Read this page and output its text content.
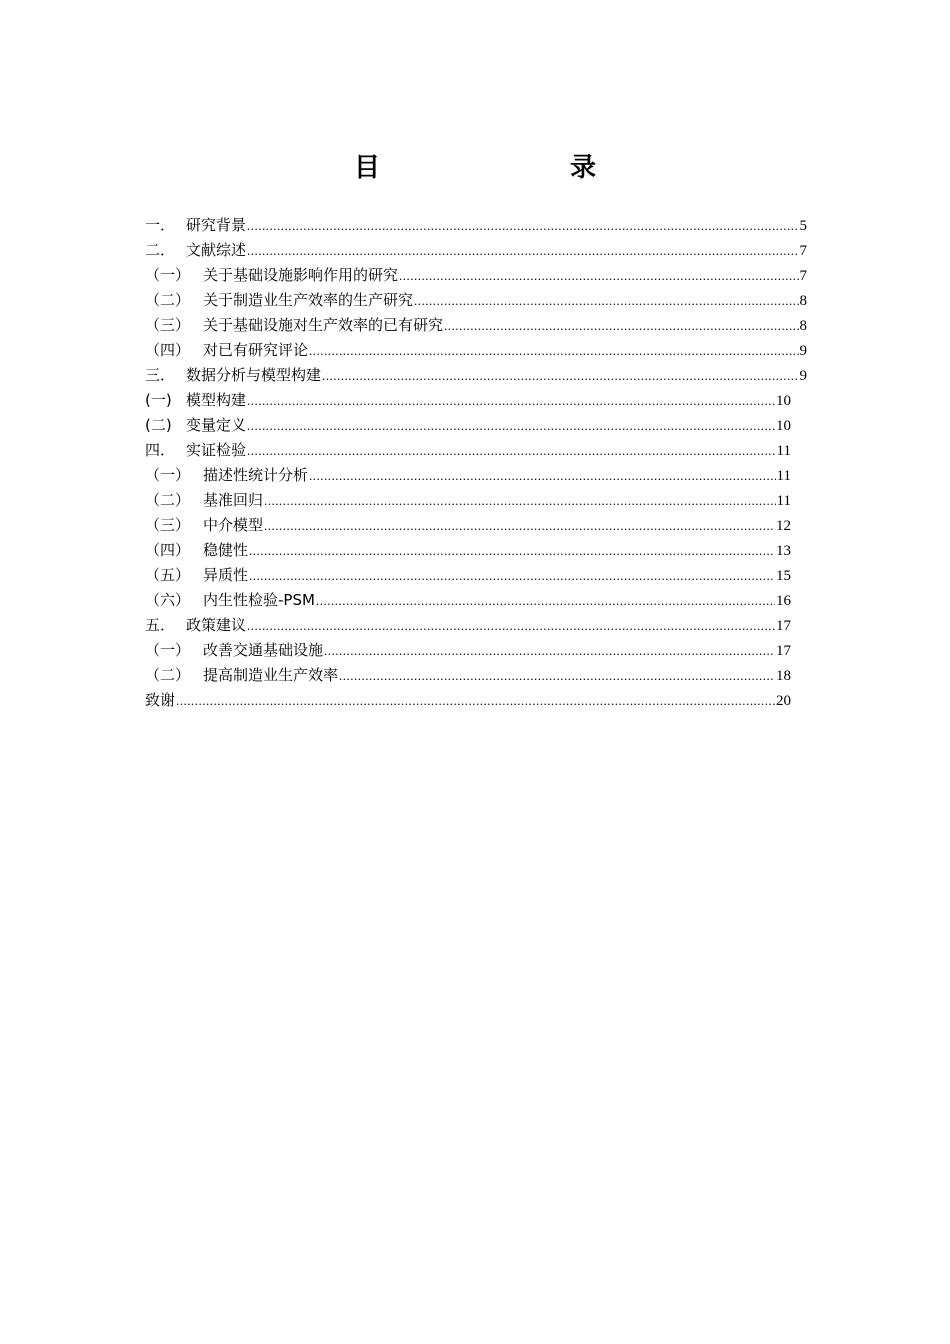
目　　录
一． 研究背景 .....	5
二． 文献综述 .....	7
（一） 关于基础设施影响作用的研究 .....	7
（二） 关于制造业生产效率的生产研究 .....	8
（三） 关于基础设施对生产效率的已有研究 .....	8
（四） 对已有研究评论 .....	9
三． 数据分析与模型构建 .....	9
(一) 模型构建 .....	10
(二) 变量定义 .....	10
四． 实证检验 .....	11
（一） 描述性统计分析 .....	11
（二） 基准回归 .....	11
（三） 中介模型 .....	12
（四） 稳健性 .....	13
（五） 异质性 .....	15
（六） 内生性检验-PSM .....	16
五． 政策建议 .....	17
（一） 改善交通基础设施 .....	17
（二） 提高制造业生产效率 .....	18
致谢 .....	20
